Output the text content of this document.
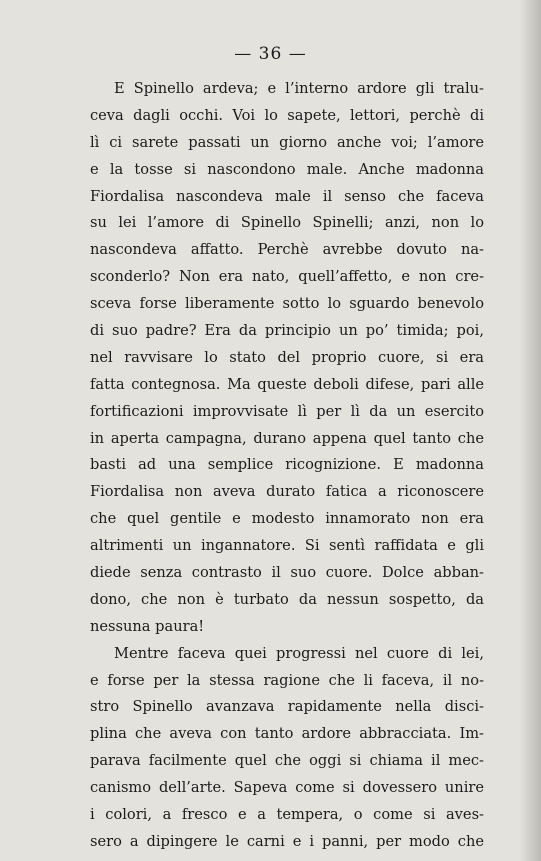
— 36 —
E Spinello ardeva; e l’interno ardore gli tralu-
ceva dagli occhi. Voi lo sapete, lettori, perchè di
lì ci sarete passati un giorno anche voi; l’amore
e la tosse si nascondono male. Anche madonna
Fiordalisa nascondeva male il senso che faceva
su lei l’amore di Spinello Spinelli; anzi, non lo
nascondeva affatto. Perchè avrebbe dovuto na-
sconderlo? Non era nato, quell’affetto, e non cre-
sceva forse liberamente sotto lo sguardo benevolo
di suo padre? Era da principio un po’ timida; poi,
nel ravvisare lo stato del proprio cuore, si era
fatta contegnosa. Ma queste deboli difese, pari alle
fortificazioni improvvisate lì per lì da un esercito
in aperta campagna, durano appena quel tanto che
basti ad una semplice ricognizione. E madonna
Fiordalisa non aveva durato fatica a riconoscere
che quel gentile e modesto innamorato non era
altrimenti un ingannatore. Si sentì raffidata e gli
diede senza contrasto il suo cuore. Dolce abban-
dono, che non è turbato da nessun sospetto, da
nessuna paura!
Mentre faceva quei progressi nel cuore di lei,
e forse per la stessa ragione che li faceva, il no-
stro Spinello avanzava rapidamente nella disci-
plina che aveva con tanto ardore abbracciata. Im-
parava facilmente quel che oggi si chiama il mec-
canismo dell’arte. Sapeva come si dovessero unire
i colori, a fresco e a tempera, o come si aves-
sero a dipingere le carni e i panni, per modo che
